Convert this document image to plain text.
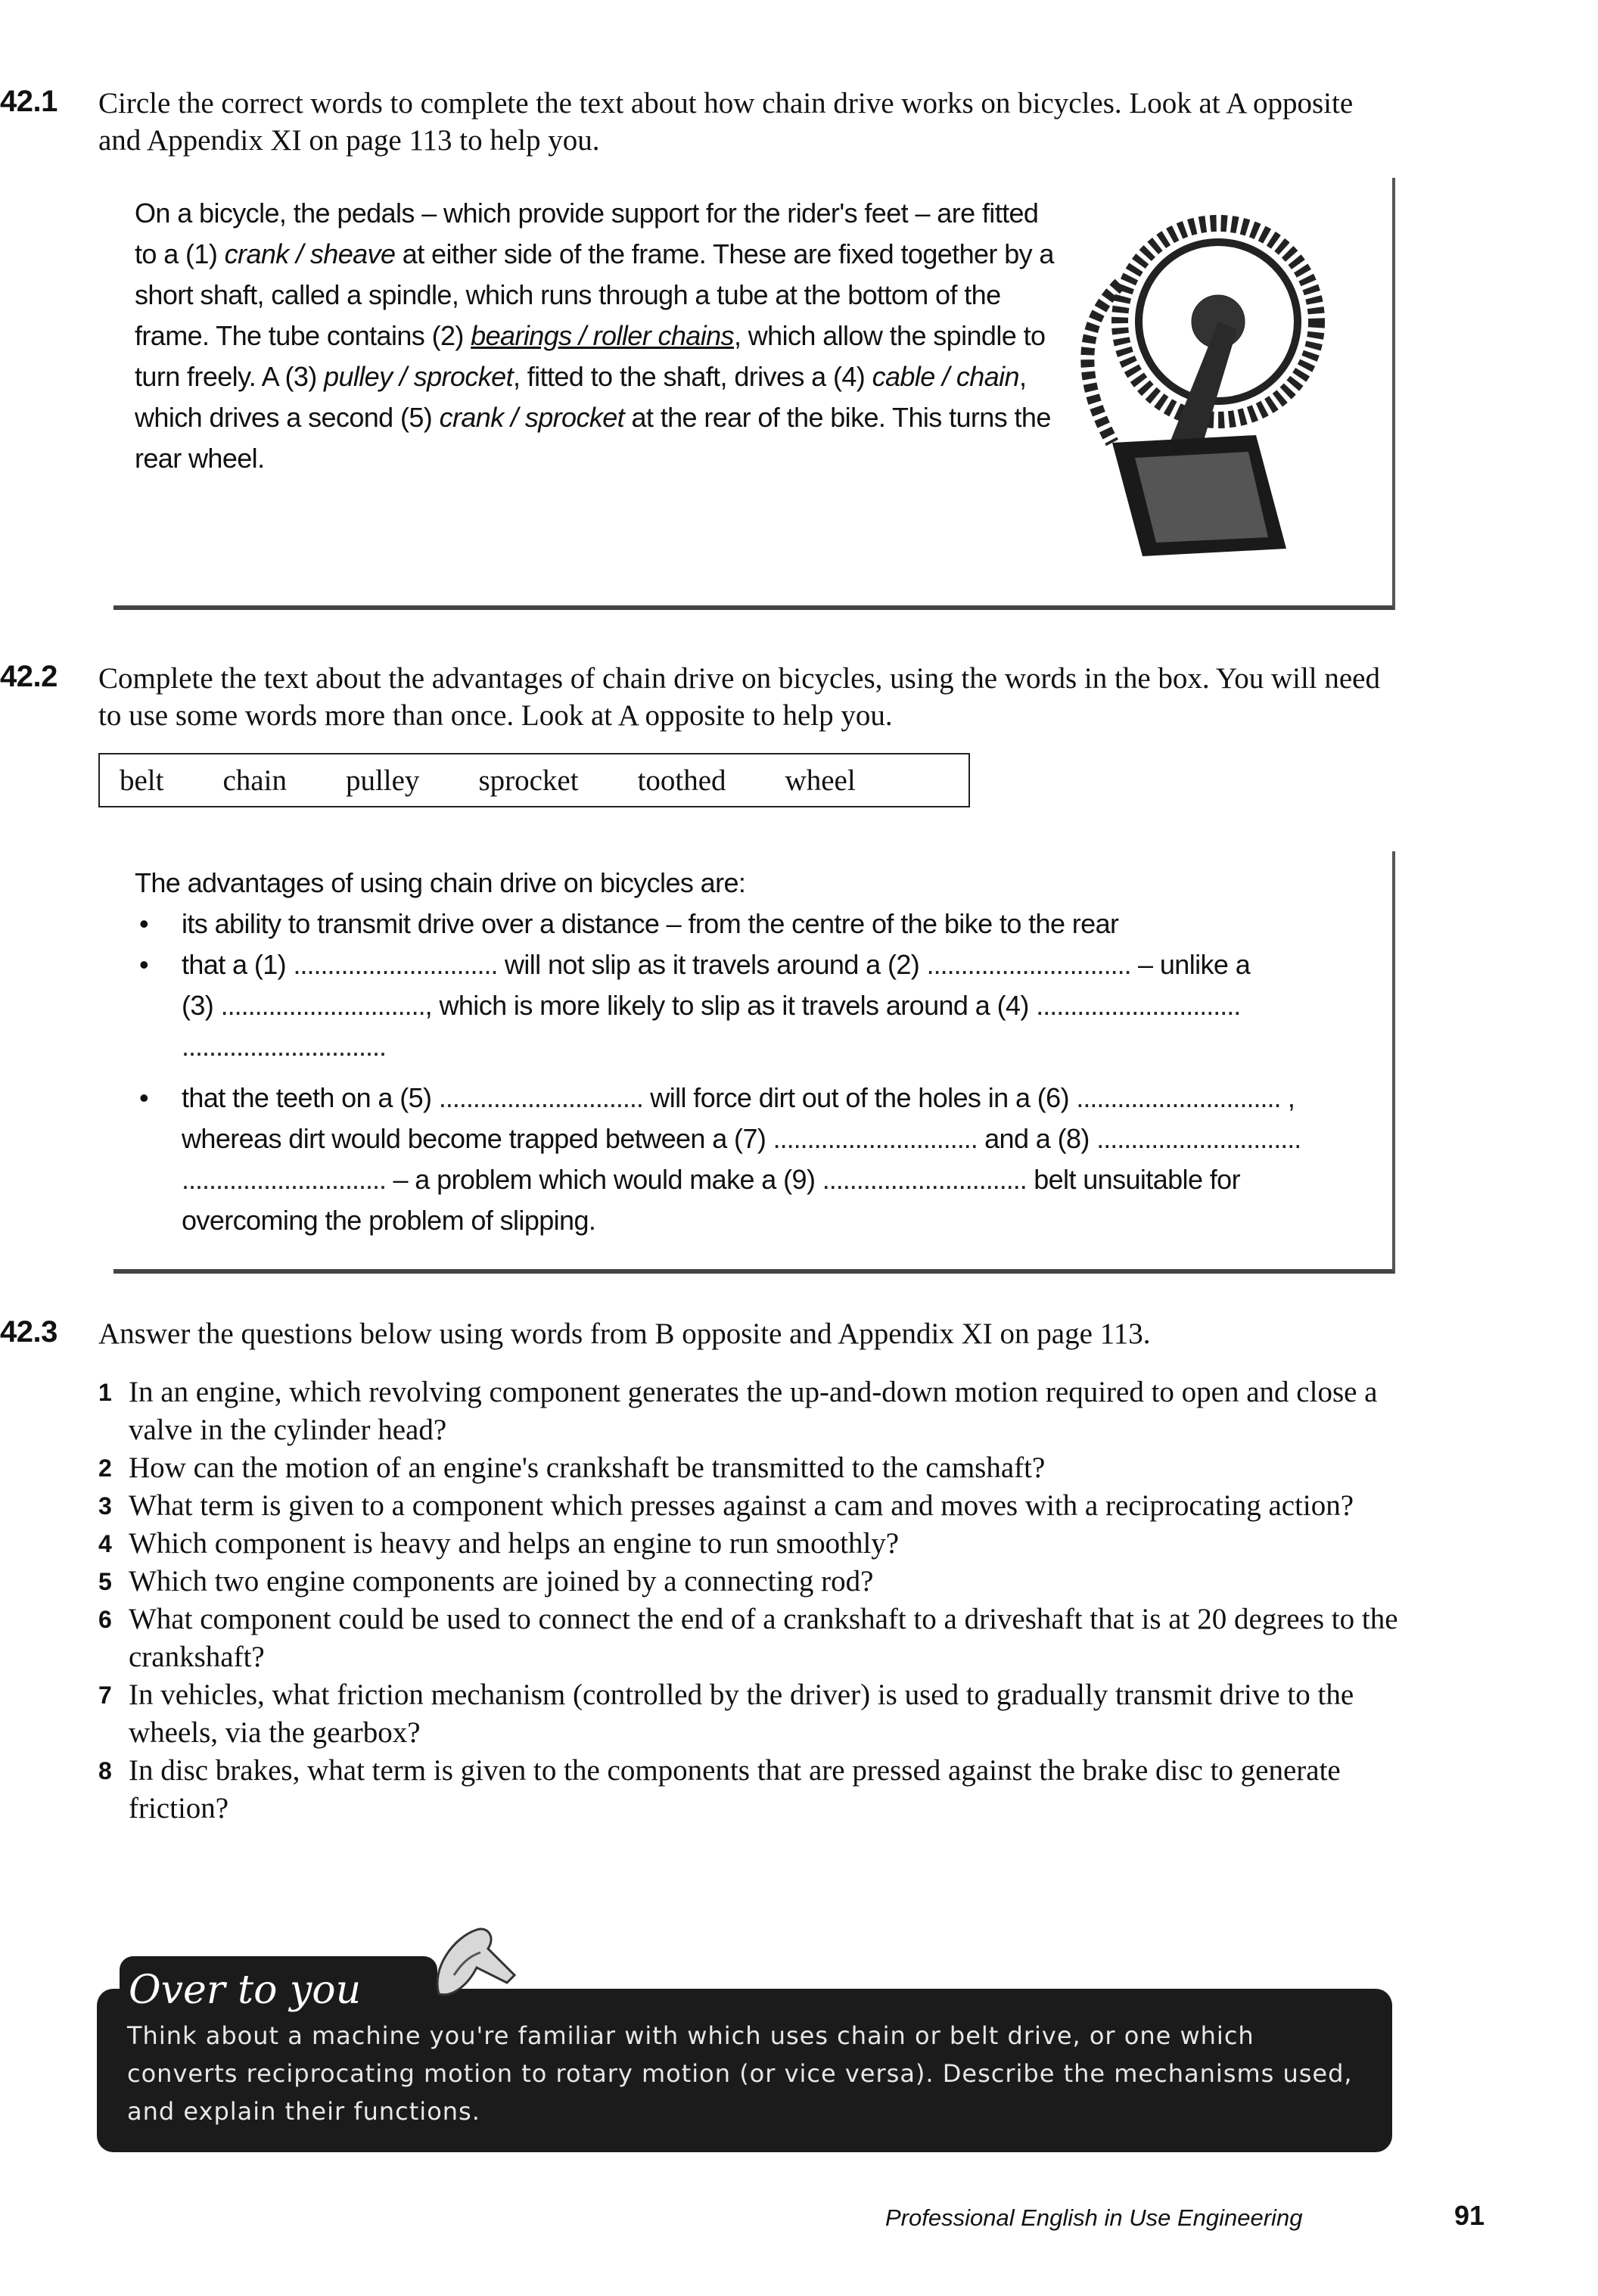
42.1 Circle the correct words to complete the text about how chain drive works on bicycles. Look at A opposite and Appendix XI on page 113 to help you.
On a bicycle, the pedals – which provide support for the rider's feet – are fitted to a (1) crank / sheave at either side of the frame. These are fixed together by a short shaft, called a spindle, which runs through a tube at the bottom of the frame. The tube contains (2) bearings / roller chains, which allow the spindle to turn freely. A (3) pulley / sprocket, fitted to the shaft, drives a (4) cable / chain, which drives a second (5) crank / sprocket at the rear of the bike. This turns the rear wheel.
42.2 Complete the text about the advantages of chain drive on bicycles, using the words in the box. You will need to use some words more than once. Look at A opposite to help you.
belt chain pulley sprocket toothed wheel
The advantages of using chain drive on bicycles are:
• its ability to transmit drive over a distance – from the centre of the bike to the rear
• that a (1) .............................. will not slip as it travels around a (2) .............................. – unlike a
(3) .............................., which is more likely to slip as it travels around a (4) ..............................
..............................
• that the teeth on a (5) .............................. will force dirt out of the holes in a (6) .............................. ,
whereas dirt would become trapped between a (7) .............................. and a (8) ..............................
.............................. – a problem which would make a (9) .............................. belt unsuitable for
overcoming the problem of slipping.
42.3 Answer the questions below using words from B opposite and Appendix XI on page 113.
1 In an engine, which revolving component generates the up-and-down motion required to open and close a valve in the cylinder head?
2 How can the motion of an engine's crankshaft be transmitted to the camshaft?
3 What term is given to a component which presses against a cam and moves with a reciprocating action?
4 Which component is heavy and helps an engine to run smoothly?
5 Which two engine components are joined by a connecting rod?
6 What component could be used to connect the end of a crankshaft to a driveshaft that is at 20 degrees to the crankshaft?
7 In vehicles, what friction mechanism (controlled by the driver) is used to gradually transmit drive to the wheels, via the gearbox?
8 In disc brakes, what term is given to the components that are pressed against the brake disc to generate friction?
Over to you
Think about a machine you're familiar with which uses chain or belt drive, or one which converts reciprocating motion to rotary motion (or vice versa). Describe the mechanisms used, and explain their functions.
Professional English in Use Engineering	91
